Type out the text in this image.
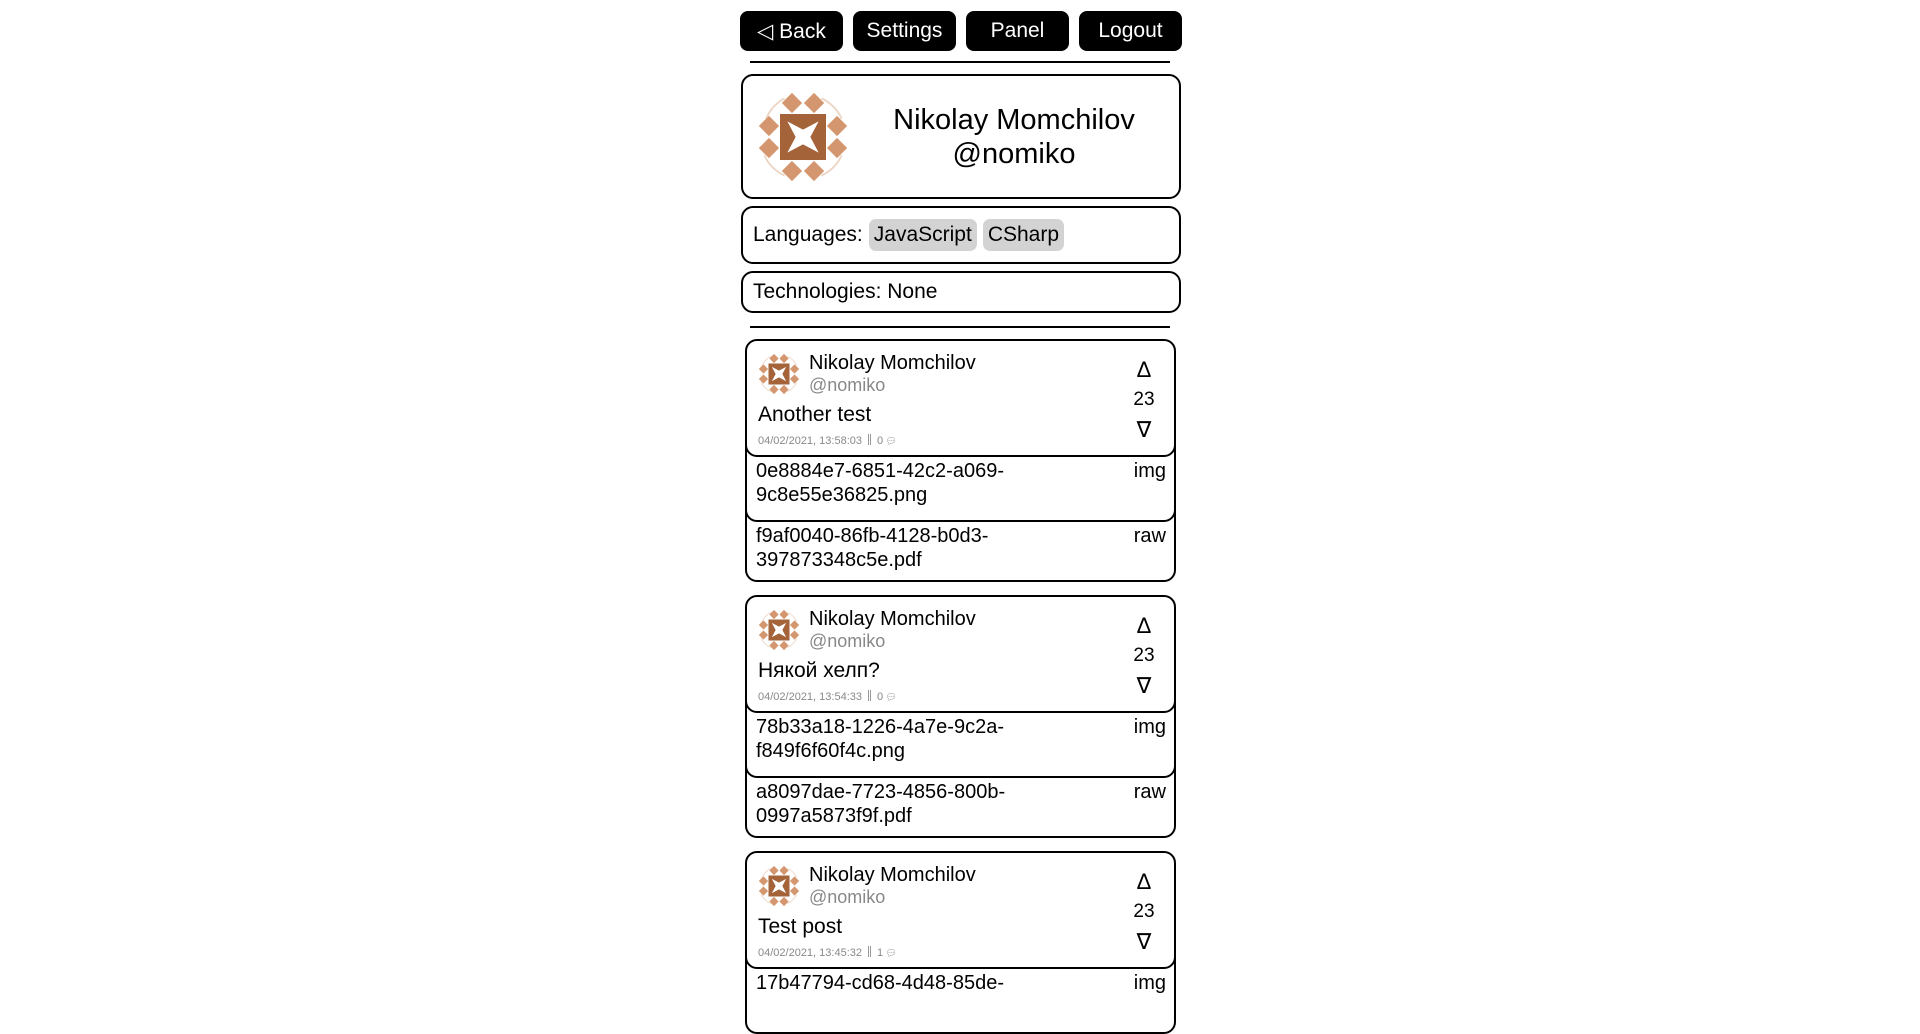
◁ Back	Settings	Panel	Logout
Nikolay Momchilov
@nomiko
Languages: JavaScript CSharp
Technologies: None
Nikolay Momchilov
@nomiko
Another test
04/02/2021, 13:58:03 0 💬︎
Δ
23
∇
0e8884e7-6851-42c2-a069-9c8e55e36825.png
img
f9af0040-86fb-4128-b0d3-397873348c5e.pdf
raw
Nikolay Momchilov
@nomiko
Някой хелп?
04/02/2021, 13:54:33 0 💬︎
Δ
23
∇
78b33a18-1226-4a7e-9c2a-f849f6f60f4c.png
img
a8097dae-7723-4856-800b-0997a5873f9f.pdf
raw
Nikolay Momchilov
@nomiko
Test post
04/02/2021, 13:45:32 1 💬︎
Δ
23
∇
17b47794-cd68-4d48-85de-	img
